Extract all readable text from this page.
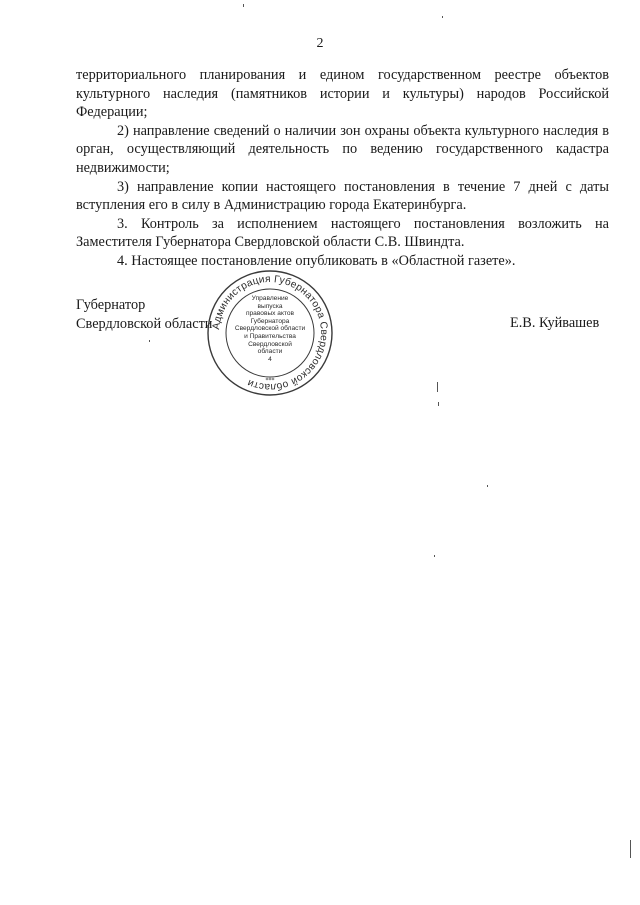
2

территориального планирования и едином государственном реестре объектов культурного наследия (памятников истории и культуры) народов Российской Федерации;

2) направление сведений о наличии зон охраны объекта культурного наследия в орган, осуществляющий деятельность по ведению государственного кадастра недвижимости;

3) направление копии настоящего постановления в течение 7 дней с даты вступления его в силу в Администрацию города Екатеринбурга.

3. Контроль за исполнением настоящего постановления возложить на Заместителя Губернатора Свердловской области С.В. Швиндта.

4. Настоящее постановление опубликовать в «Областной газете».

Губернатор
Свердловской области
Администрация Губернатора Свердловской области	***
Управление
выпуска
правовых актов
Губернатора
Свердловской области
и Правительства
Свердловской
области
4
Е.В. Куйвашев
